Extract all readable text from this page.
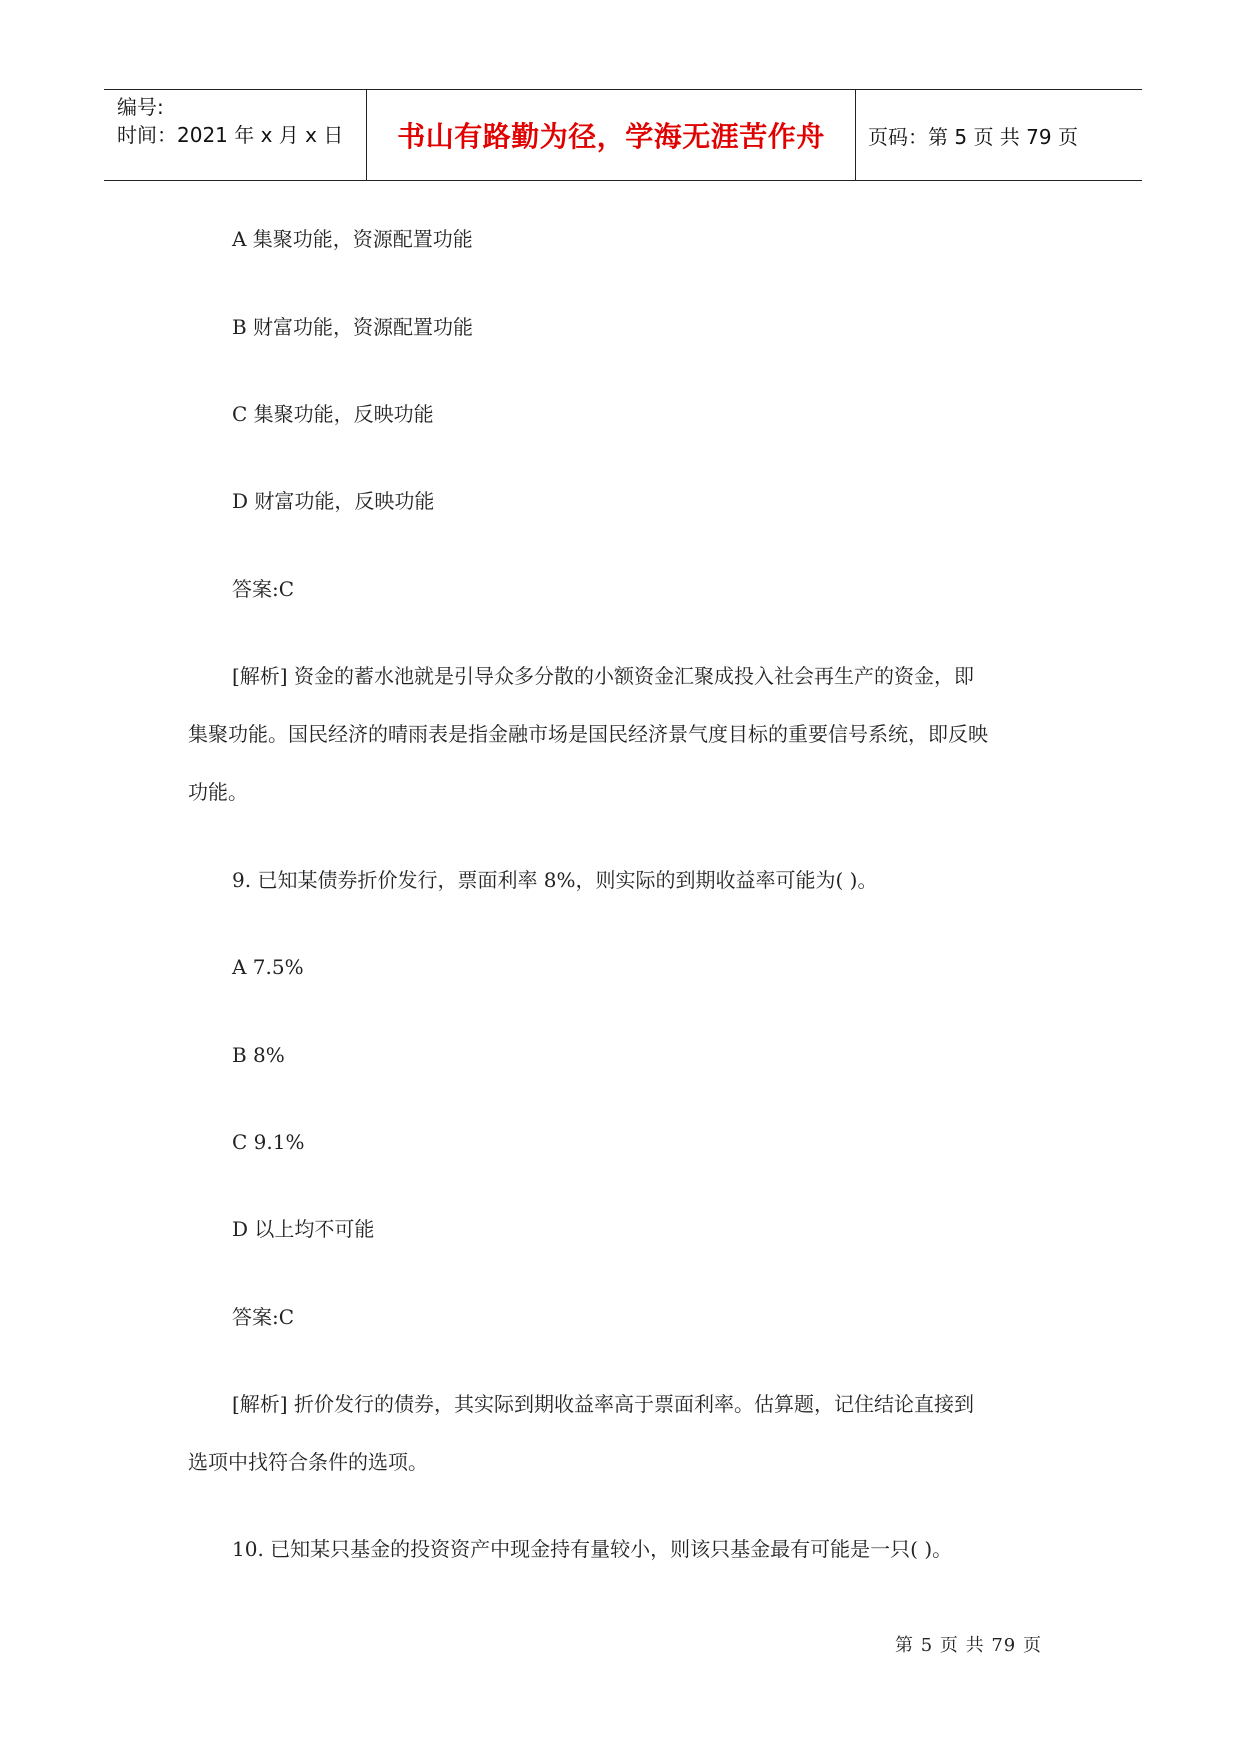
编号:
时间：2021 年 x 月 x 日	书山有路勤为径，学海无涯苦作舟	页码：第 5 页 共 79 页
A 集聚功能，资源配置功能
B 财富功能，资源配置功能
C 集聚功能，反映功能
D 财富功能，反映功能
答案:C
[解析] 资金的蓄水池就是引导众多分散的小额资金汇聚成投入社会再生产的资金，即
集聚功能。国民经济的晴雨表是指金融市场是国民经济景气度目标的重要信号系统，即反映
功能。
9. 已知某债券折价发行，票面利率 8%，则实际的到期收益率可能为( )。
A 7.5%
B 8%
C 9.1%
D 以上均不可能
答案:C
[解析] 折价发行的债券，其实际到期收益率高于票面利率。估算题，记住结论直接到
选项中找符合条件的选项。
10. 已知某只基金的投资资产中现金持有量较小，则该只基金最有可能是一只( )。
第 5 页 共 79 页
